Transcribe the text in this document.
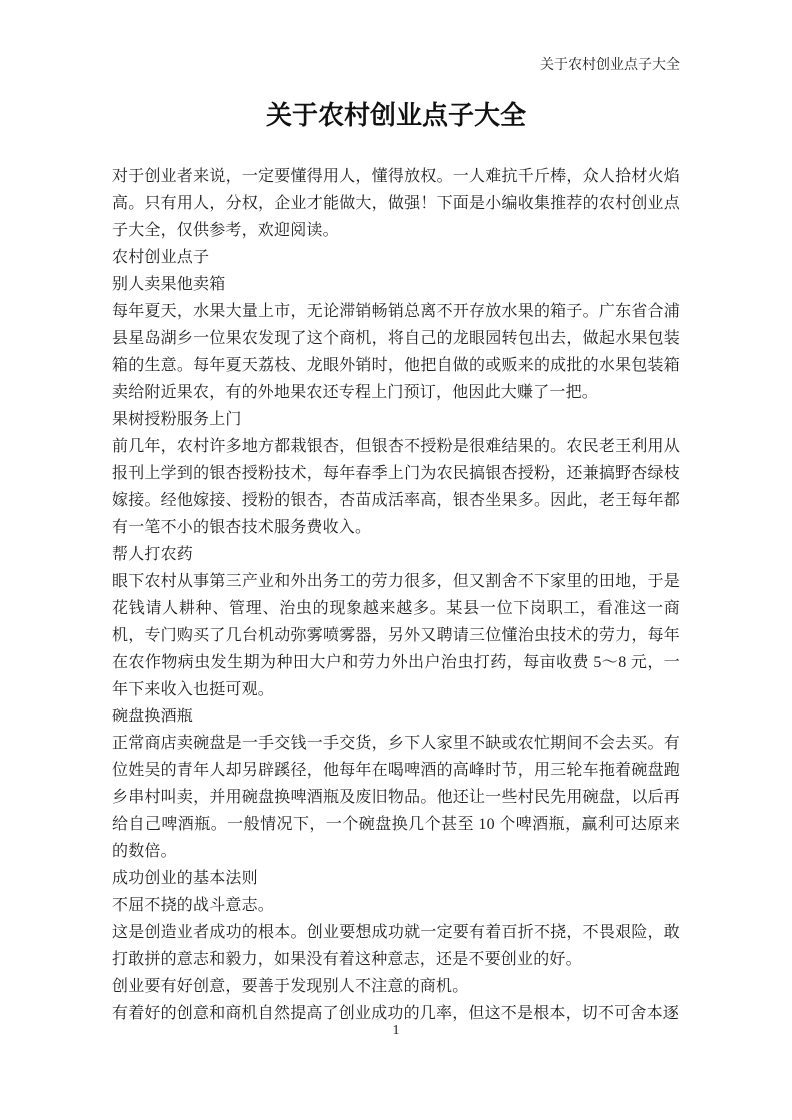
关于农村创业点子大全
关于农村创业点子大全

对于创业者来说，一定要懂得用人，懂得放权。一人难抗千斤棒，众人拾材火焰高。只有用人，分权，企业才能做大，做强！下面是小编收集推荐的农村创业点子大全，仅供参考，欢迎阅读。

农村创业点子

别人卖果他卖箱

每年夏天，水果大量上市，无论滞销畅销总离不开存放水果的箱子。广东省合浦县星岛湖乡一位果农发现了这个商机，将自己的龙眼园转包出去，做起水果包装箱的生意。每年夏天荔枝、龙眼外销时，他把自做的或贩来的成批的水果包装箱卖给附近果农，有的外地果农还专程上门预订，他因此大赚了一把。

果树授粉服务上门

前几年，农村许多地方都栽银杏，但银杏不授粉是很难结果的。农民老王利用从报刊上学到的银杏授粉技术，每年春季上门为农民搞银杏授粉，还兼搞野杏绿枝嫁接。经他嫁接、授粉的银杏，杏苗成活率高，银杏坐果多。因此，老王每年都有一笔不小的银杏技术服务费收入。

帮人打农药

眼下农村从事第三产业和外出务工的劳力很多，但又割舍不下家里的田地，于是花钱请人耕种、管理、治虫的现象越来越多。某县一位下岗职工，看准这一商机，专门购买了几台机动弥雾喷雾器，另外又聘请三位懂治虫技术的劳力，每年在农作物病虫发生期为种田大户和劳力外出户治虫打药，每亩收费 5～8 元，一年下来收入也挺可观。

碗盘换酒瓶

正常商店卖碗盘是一手交钱一手交货，乡下人家里不缺或农忙期间不会去买。有位姓吴的青年人却另辟蹊径，他每年在喝啤酒的高峰时节，用三轮车拖着碗盘跑乡串村叫卖，并用碗盘换啤酒瓶及废旧物品。他还让一些村民先用碗盘，以后再给自己啤酒瓶。一般情况下，一个碗盘换几个甚至 10 个啤酒瓶，赢利可达原来的数倍。

成功创业的基本法则

不屈不挠的战斗意志。

这是创造业者成功的根本。创业要想成功就一定要有着百折不挠，不畏艰险，敢打敢拼的意志和毅力，如果没有着这种意志，还是不要创业的好。

创业要有好创意，要善于发现别人不注意的商机。

有着好的创意和商机自然提高了创业成功的几率，但这不是根本，切不可舍本逐

1
